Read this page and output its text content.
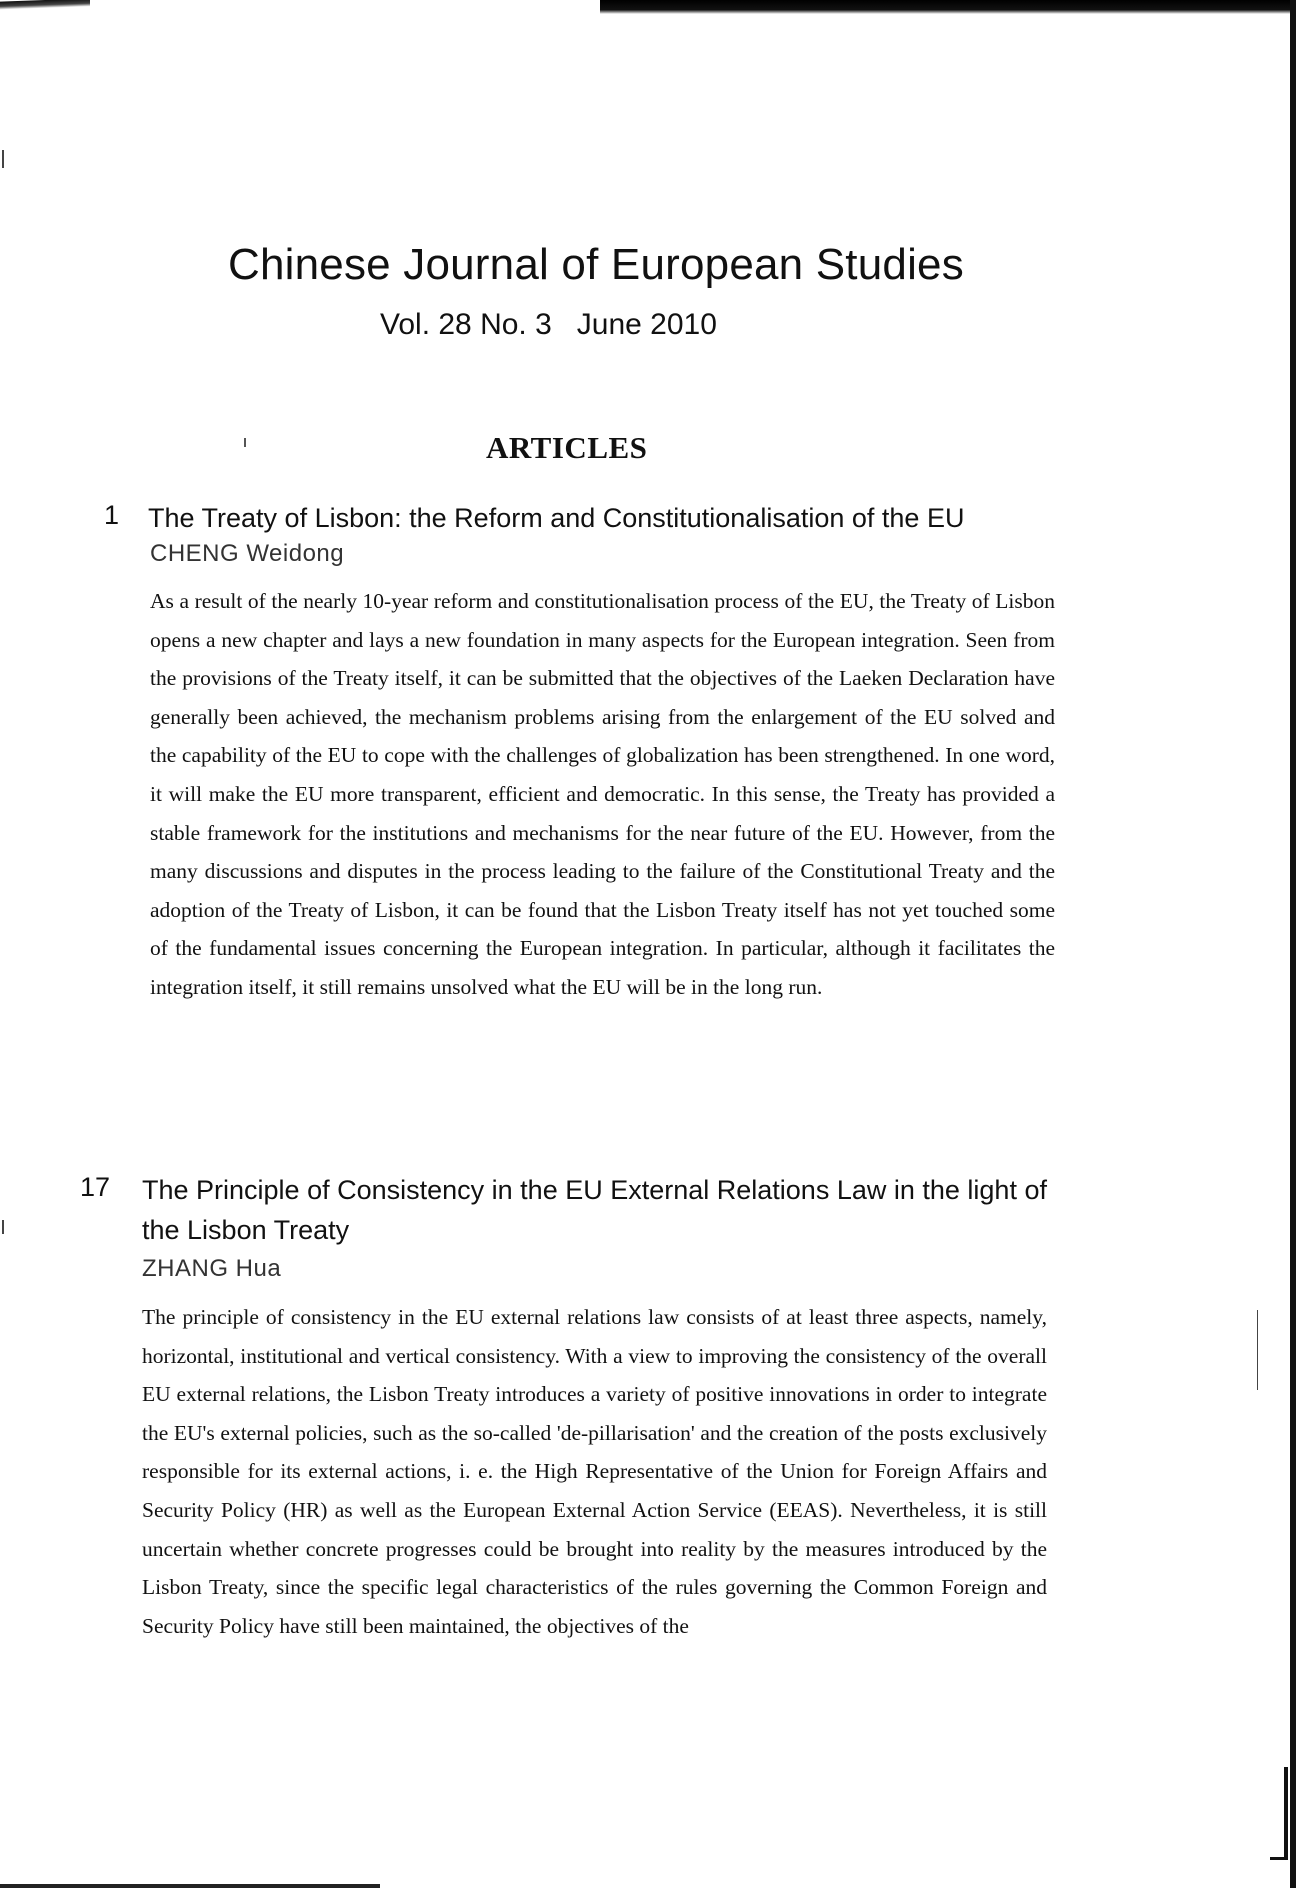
Chinese Journal of European Studies
Vol. 28 No. 3   June 2010
ARTICLES
1 The Treaty of Lisbon: the Reform and Constitutionalisation of the EU
CHENG Weidong
As a result of the nearly 10-year reform and constitutionalisation process of the EU, the Treaty of Lisbon opens a new chapter and lays a new foundation in many aspects for the European integration. Seen from the provisions of the Treaty itself, it can be submitted that the objectives of the Laeken Declaration have generally been achieved, the mechanism problems arising from the enlargement of the EU solved and the capability of the EU to cope with the challenges of globalization has been strengthened. In one word, it will make the EU more transparent, efficient and democratic. In this sense, the Treaty has provided a stable framework for the institutions and mechanisms for the near future of the EU. However, from the many discussions and disputes in the process leading to the failure of the Constitutional Treaty and the adoption of the Treaty of Lisbon, it can be found that the Lisbon Treaty itself has not yet touched some of the fundamental issues concerning the European integration. In particular, although it facilitates the integration itself, it still remains unsolved what the EU will be in the long run.
17 The Principle of Consistency in the EU External Relations Law in the light of the Lisbon Treaty
ZHANG Hua
The principle of consistency in the EU external relations law consists of at least three aspects, namely, horizontal, institutional and vertical consistency. With a view to improving the consistency of the overall EU external relations, the Lisbon Treaty introduces a variety of positive innovations in order to integrate the EU's external policies, such as the so-called 'de-pillarisation' and the creation of the posts exclusively responsible for its external actions, i. e. the High Representative of the Union for Foreign Affairs and Security Policy (HR) as well as the European External Action Service (EEAS). Nevertheless, it is still uncertain whether concrete progresses could be brought into reality by the measures introduced by the Lisbon Treaty, since the specific legal characteristics of the rules governing the Common Foreign and Security Policy have still been maintained, the objectives of the
